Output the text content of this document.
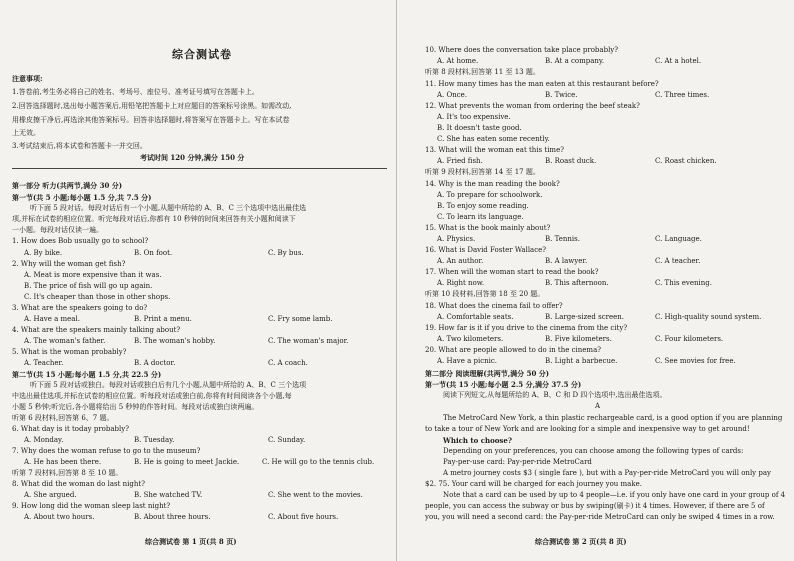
综合测试卷
注意事项:
1.答卷前,考生务必将自己的姓名、考场号、座位号、准考证号填写在答题卡上。
2.回答选择题时,选出每小题答案后,用铅笔把答题卡上对应题目的答案标号涂黑。如需改动,
用橡皮擦干净后,再选涂其他答案标号。回答非选择题时,将答案写在答题卡上。写在本试卷
上无效。
3.考试结束后,将本试卷和答题卡一并交回。
考试时间 120 分钟,满分 150 分
第一部分 听力(共两节,满分 30 分)
第一节(共 5 小题;每小题 1.5 分,共 7.5 分)
听下面 5 段对话。每段对话后有一个小题,从题中所给的 A、B、C 三个选项中选出最佳选
项,并标在试卷的相应位置。听完每段对话后,你都有 10 秒钟的时间来回答有关小题和阅读下
一小题。每段对话仅读一遍。
1. How does Bob usually go to school?
A. By bike.	B. On foot.	C. By bus.
2. Why will the woman get fish?
A. Meat is more expensive than it was.
B. The price of fish will go up again.
C. It's cheaper than those in other shops.
3. What are the speakers going to do?
A. Have a meal.	B. Print a menu.	C. Fry some lamb.
4. What are the speakers mainly talking about?
A. The woman's father.	B. The woman's hobby.	C. The woman's major.
5. What is the woman probably?
A. Teacher.	B. A doctor.	C. A coach.
第二节(共 15 小题;每小题 1.5 分,共 22.5 分)
听下面 5 段对话或独白。每段对话或独白后有几个小题,从题中所给的 A、B、C 三个选项
中选出最佳选项,并标在试卷的相应位置。听每段对话或独白前,你将有时间阅读各个小题,每
小题 5 秒钟;听完后,各小题将给出 5 秒钟的作答时间。每段对话或独白读两遍。
听第 6 段材料,回答第 6、7 题。
6. What day is it today probably?
A. Monday.	B. Tuesday.	C. Sunday.
7. Why does the woman refuse to go to the museum?
A. He has been there.	B. He is going to meet Jackie.	C. He will go to the tennis club.
听第 7 段材料,回答第 8 至 10 题。
8. What did the woman do last night?
A. She argued.	B. She watched TV.	C. She went to the movies.
9. How long did the woman sleep last night?
A. About two hours.	B. About three hours.	C. About five hours.
综合测试卷 第 1 页(共 8 页)
10. Where does the conversation take place probably?
A. At home.	B. At a company.	C. At a hotel.
听第 8 段材料,回答第 11 至 13 题。
11. How many times has the man eaten at this restaurant before?
A. Once.	B. Twice.	C. Three times.
12. What prevents the woman from ordering the beef steak?
A. It's too expensive.
B. It doesn't taste good.
C. She has eaten some recently.
13. What will the woman eat this time?
A. Fried fish.	B. Roast duck.	C. Roast chicken.
听第 9 段材料,回答第 14 至 17 题。
14. Why is the man reading the book?
A. To prepare for schoolwork.
B. To enjoy some reading.
C. To learn its language.
15. What is the book mainly about?
A. Physics.	B. Tennis.	C. Language.
16. What is David Foster Wallace?
A. An author.	B. A lawyer.	C. A teacher.
17. When will the woman start to read the book?
A. Right now.	B. This afternoon.	C. This evening.
听第 10 段材料,回答第 18 至 20 题。
18. What does the cinema fail to offer?
A. Comfortable seats.	B. Large-sized screen.	C. High-quality sound system.
19. How far is it if you drive to the cinema from the city?
A. Two kilometers.	B. Five kilometers.	C. Four kilometers.
20. What are people allowed to do in the cinema?
A. Have a picnic.	B. Light a barbecue.	C. See movies for free.
第二部分 阅读理解(共两节,满分 50 分)
第一节(共 15 小题;每小题 2.5 分,满分 37.5 分)
阅读下列短文,从每题所给的 A、B、C 和 D 四个选项中,选出最佳选项。
A
The MetroCard New York, a thin plastic rechargeable card, is a good option if you are planning
to take a tour of New York and are looking for a simple and inexpensive way to get around!
Which to choose?
Depending on your preferences, you can choose among the following types of cards:
Pay-per-use card: Pay-per-ride MetroCard
A metro journey costs $3 ( single fare ), but with a Pay-per-ride MetroCard you will only pay
$2. 75. Your card will be charged for each journey you make.
Note that a card can be used by up to 4 people—i.e. if you only have one card in your group of 4
people, you can access the subway or bus by swiping(刷卡) it 4 times. However, if there are 5 of
you, you will need a second card: the Pay-per-ride MetroCard can only be swiped 4 times in a row.
综合测试卷 第 2 页(共 8 页)
